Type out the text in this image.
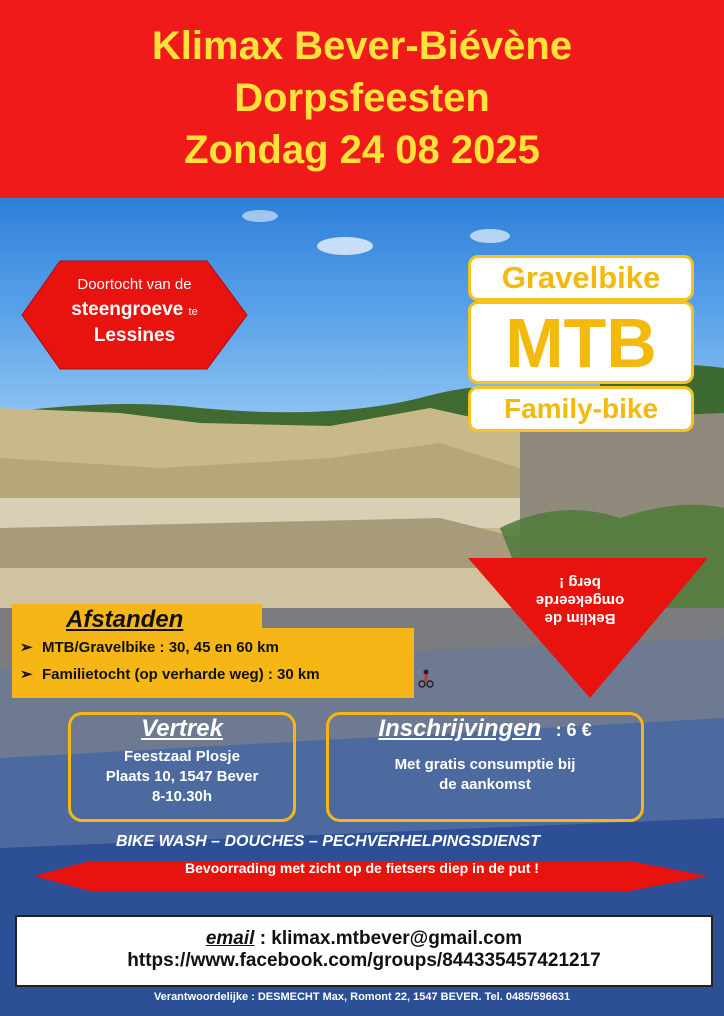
Klimax Bever-Biévène
Dorpsfeesten
Zondag 24 08 2025
Doortocht van de
steengroeve te
Lessines
Gravelbike
MTB
Family-bike
Beklim de
omgekeerde
berg !
Afstanden
➢ MTB/Gravelbike : 30, 45 en 60 km
➢ Familietocht (op verharde weg) : 30 km
Vertrek
Feestzaal Plosje
Plaats 10, 1547 Bever
8-10.30h
Inschrijvingen : 6 €
Met gratis consumptie bij
de aankomst
BIKE WASH – DOUCHES – PECHVERHELPINGSDIENST
Bevoorrading met zicht op de fietsers diep in de put !
email : klimax.mtbever@gmail.com
https://www.facebook.com/groups/844335457421217
Verantwoordelijke : DESMECHT Max, Romont 22, 1547 BEVER. Tel. 0485/596631
